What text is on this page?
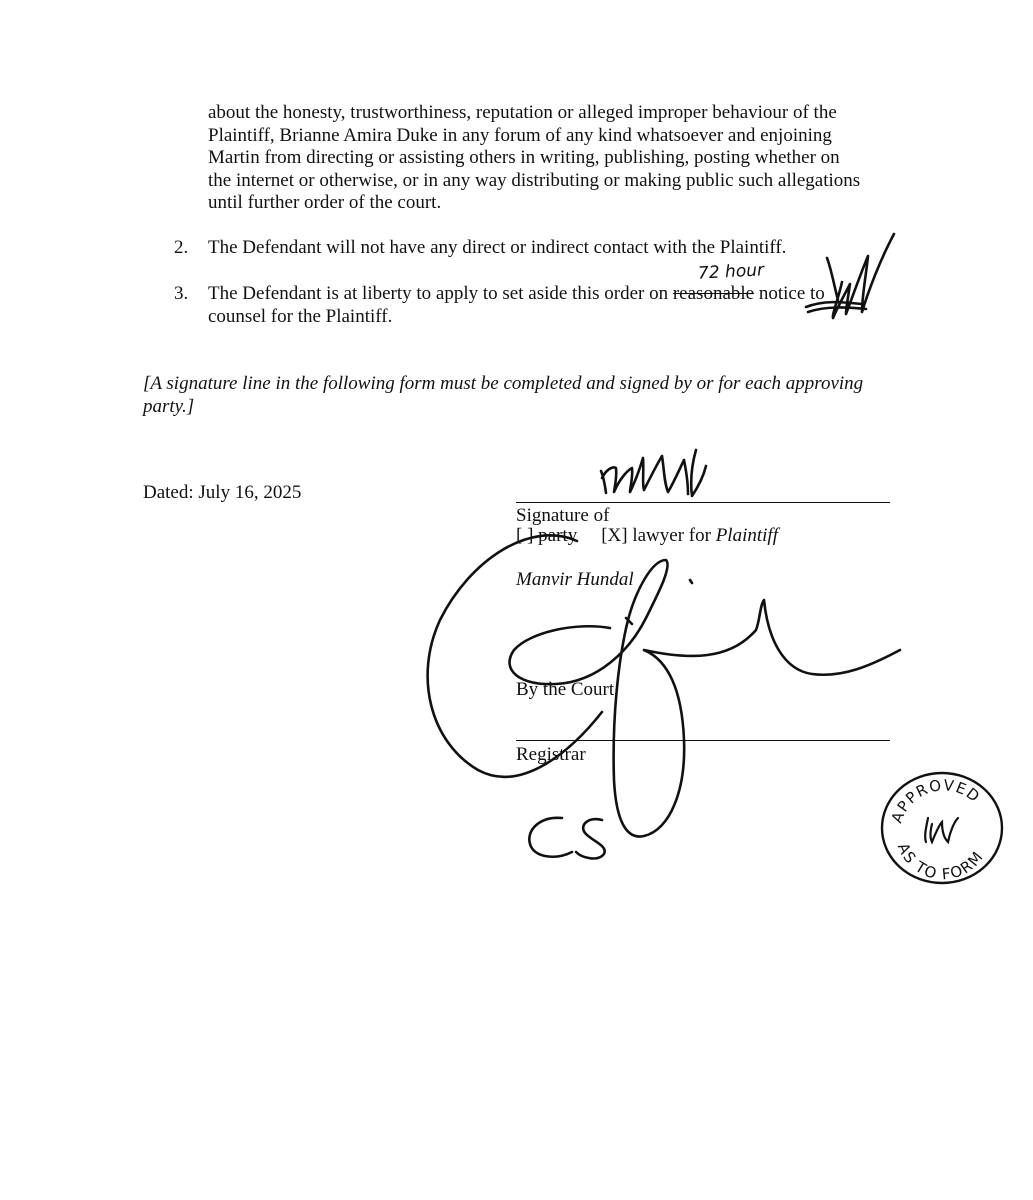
about the honesty, trustworthiness, reputation or alleged improper behaviour of the
Plaintiff, Brianne Amira Duke in any forum of any kind whatsoever and enjoining
Martin from directing or assisting others in writing, publishing, posting whether on
the internet or otherwise, or in any way distributing or making public such allegations
until further order of the court.
2. The Defendant will not have any direct or indirect contact with the Plaintiff.
3. The Defendant is at liberty to apply to set aside this order on reasonable notice to
counsel for the Plaintiff.
72 hour
[A signature line in the following form must be completed and signed by or for each approving party.]
Dated: July 16, 2025
Signature of
[ ] party [X] lawyer for Plaintiff
Manvir Hundal
By the Court
Registrar
APPROVED
AS TO FORM
